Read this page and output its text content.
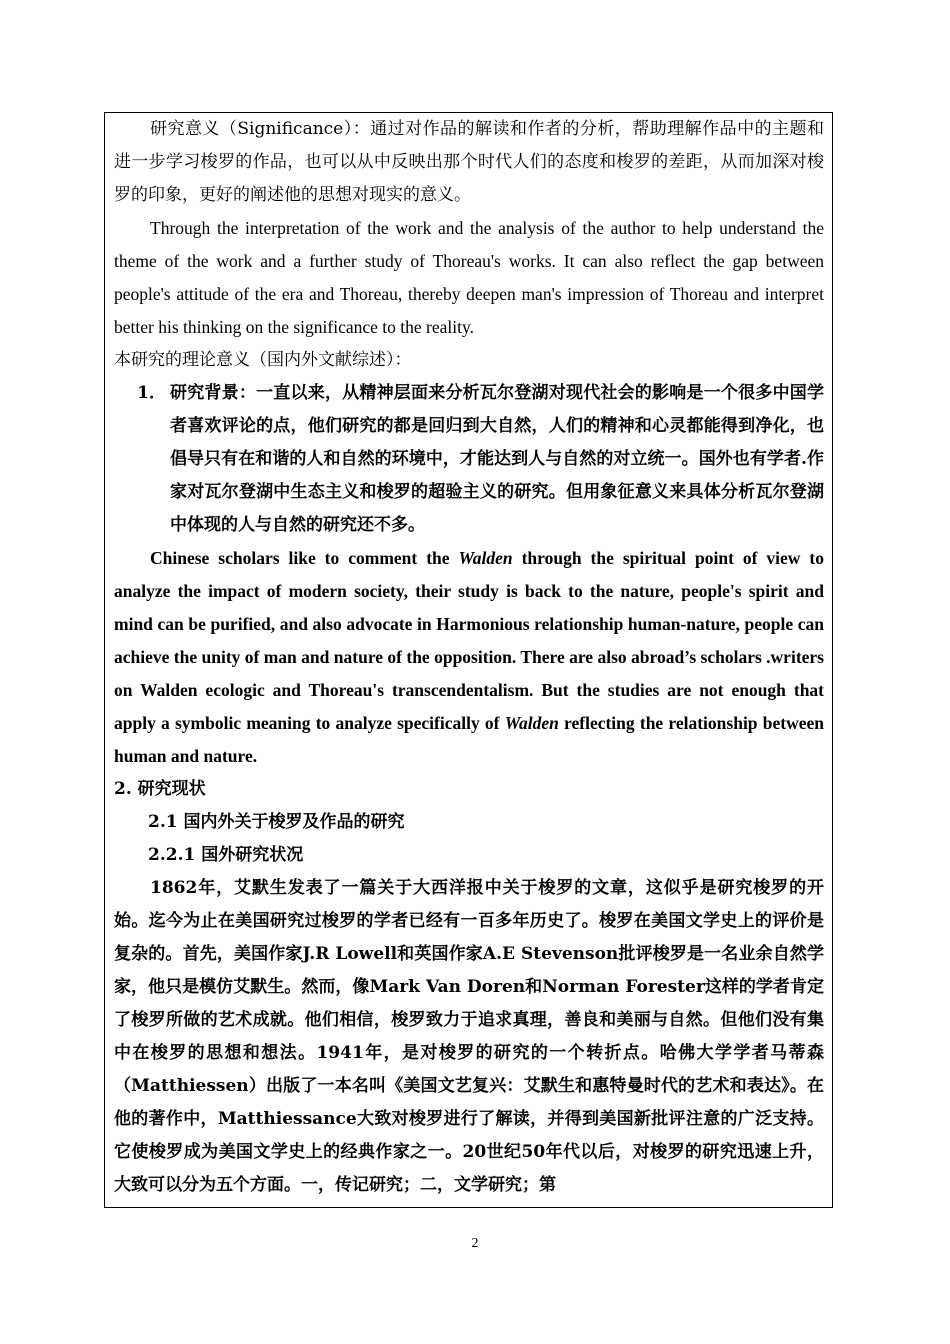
研究意义（Significance）：通过对作品的解读和作者的分析，帮助理解作品中的主题和进一步学习梭罗的作品，也可以从中反映出那个时代人们的态度和梭罗的差距，从而加深对梭罗的印象，更好的阐述他的思想对现实的意义。

Through the interpretation of the work and the analysis of the author to help understand the theme of the work and a further study of Thoreau's works. It can also reflect the gap between people's attitude of the era and Thoreau, thereby deepen man's impression of Thoreau and interpret better his thinking on the significance to the reality.

本研究的理论意义（国内外文献综述）：

1． 研究背景：一直以来，从精神层面来分析瓦尔登湖对现代社会的影响是一个很多中国学者喜欢评论的点，他们研究的都是回归到大自然，人们的精神和心灵都能得到净化，也倡导只有在和谐的人和自然的环境中，才能达到人与自然的对立统一。国外也有学者.作家对瓦尔登湖中生态主义和梭罗的超验主义的研究。但用象征意义来具体分析瓦尔登湖中体现的人与自然的研究还不多。

Chinese scholars like to comment the Walden through the spiritual point of view to analyze the impact of modern society, their study is back to the nature, people's spirit and mind can be purified, and also advocate in Harmonious relationship human-nature, people can achieve the unity of man and nature of the opposition. There are also abroad’s scholars .writers on Walden ecologic and Thoreau's transcendentalism. But the studies are not enough that apply a symbolic meaning to analyze specifically of Walden reflecting the relationship between human and nature.

2. 研究现状

2.1 国内外关于梭罗及作品的研究

2.2.1 国外研究状况

1862年，艾默生发表了一篇关于大西洋报中关于梭罗的文章，这似乎是研究梭罗的开始。迄今为止在美国研究过梭罗的学者已经有一百多年历史了。梭罗在美国文学史上的评价是复杂的。首先，美国作家J.R Lowell和英国作家A.E Stevenson批评梭罗是一名业余自然学家，他只是模仿艾默生。然而，像Mark Van Doren和Norman Forester这样的学者肯定了梭罗所做的艺术成就。他们相信，梭罗致力于追求真理，善良和美丽与自然。但他们没有集中在梭罗的思想和想法。1941年，是对梭罗的研究的一个转折点。哈佛大学学者马蒂森（Matthiessen）出版了一本名叫《美国文艺复兴：艾默生和惠特曼时代的艺术和表达》。在他的著作中，Matthiessance大致对梭罗进行了解读，并得到美国新批评注意的广泛支持。它使梭罗成为美国文学史上的经典作家之一。20世纪50年代以后，对梭罗的研究迅速上升，大致可以分为五个方面。一，传记研究；二，文学研究；第

2
